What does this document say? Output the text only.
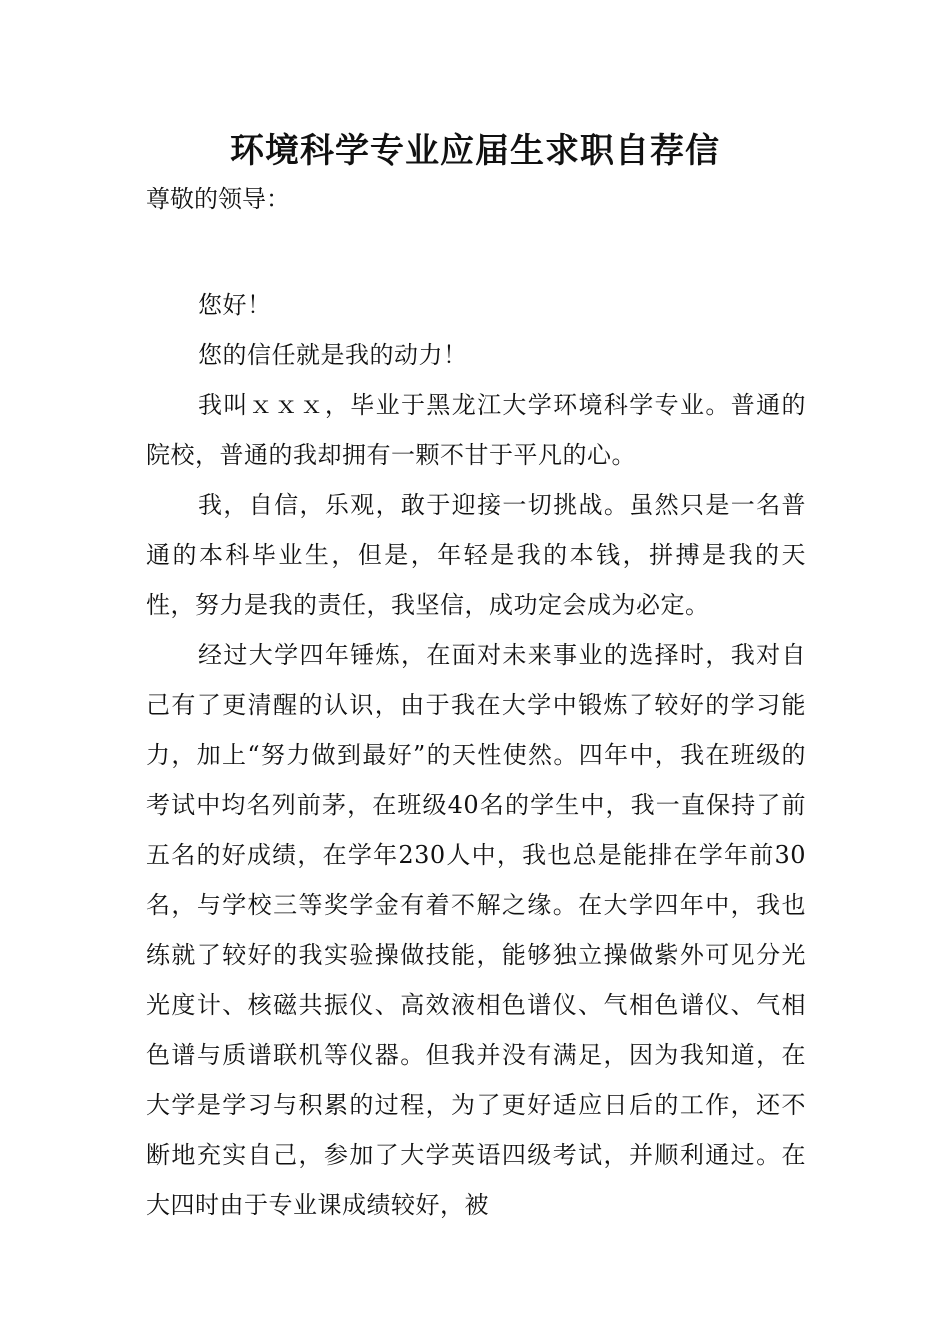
环境科学专业应届生求职自荐信

尊敬的领导：

您好！

您的信任就是我的动力！

我叫ｘｘｘ，毕业于黑龙江大学环境科学专业。普通的院校，普通的我却拥有一颗不甘于平凡的心。

我，自信，乐观，敢于迎接一切挑战。虽然只是一名普通的本科毕业生，但是，年轻是我的本钱，拼搏是我的天性，努力是我的责任，我坚信，成功定会成为必定。

经过大学四年锤炼，在面对未来事业的选择时，我对自己有了更清醒的认识，由于我在大学中锻炼了较好的学习能力，加上“努力做到最好”的天性使然。四年中，我在班级的考试中均名列前茅，在班级40名的学生中，我一直保持了前五名的好成绩，在学年230人中，我也总是能排在学年前30名，与学校三等奖学金有着不解之缘。在大学四年中，我也练就了较好的我实验操做技能，能够独立操做紫外可见分光光度计、核磁共振仪、高效液相色谱仪、气相色谱仪、气相色谱与质谱联机等仪器。但我并没有满足，因为我知道，在大学是学习与积累的过程，为了更好适应日后的工作，还不断地充实自己，参加了大学英语四级考试，并顺利通过。在大四时由于专业课成绩较好，被
